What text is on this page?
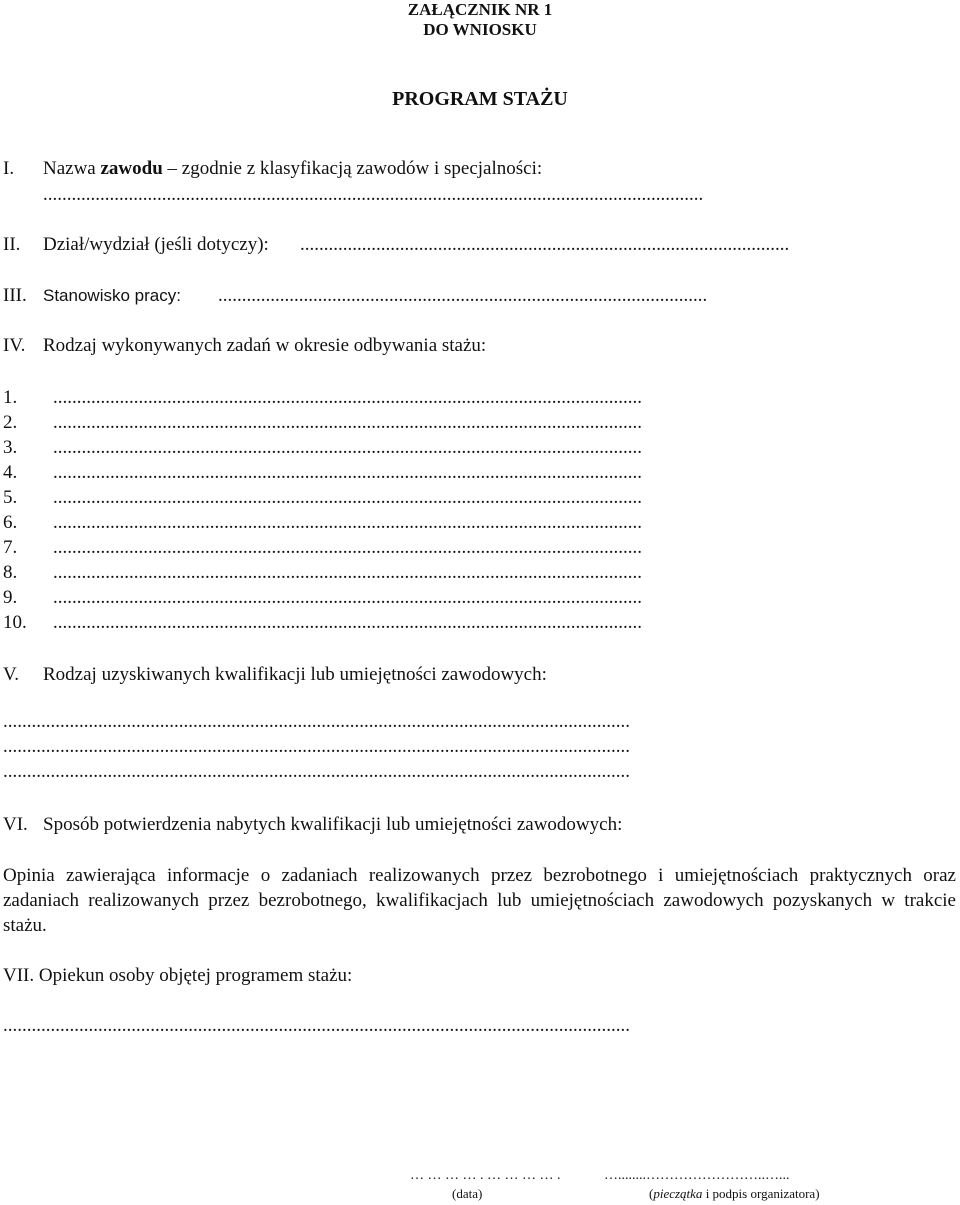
ZAŁĄCZNIK NR 1
DO WNIOSKU
PROGRAM STAŻU
I. Nazwa zawodu – zgodnie z klasyfikacją zawodów i specjalności:
...........................................................................................................................................
II. Dział/wydział (jeśli dotyczy): .......................................................................................................
III. Stanowisko pracy: .......................................................................................................
IV. Rodzaj wykonywanych zadań w okresie odbywania stażu:
1. ............................................................................................................................
2. ............................................................................................................................
3. ............................................................................................................................
4. ............................................................................................................................
5. ............................................................................................................................
6. ............................................................................................................................
7. ............................................................................................................................
8. ............................................................................................................................
9. ............................................................................................................................
10. ............................................................................................................................
V. Rodzaj uzyskiwanych kwalifikacji lub umiejętności zawodowych:
....................................................................................................................................
....................................................................................................................................
....................................................................................................................................
VI. Sposób potwierdzenia nabytych kwalifikacji lub umiejętności zawodowych:
Opinia zawierająca informacje o zadaniach realizowanych przez bezrobotnego i umiejętnościach praktycznych oraz zadaniach realizowanych przez bezrobotnego, kwalifikacjach lub umiejętnościach zawodowych pozyskanych w trakcie stażu.
VII. Opiekun osoby objętej programem stażu:
....................................................................................................................................
… … … … . … … … … .
(data)
…........……………………..…...
(pieczątka i podpis organizatora)
